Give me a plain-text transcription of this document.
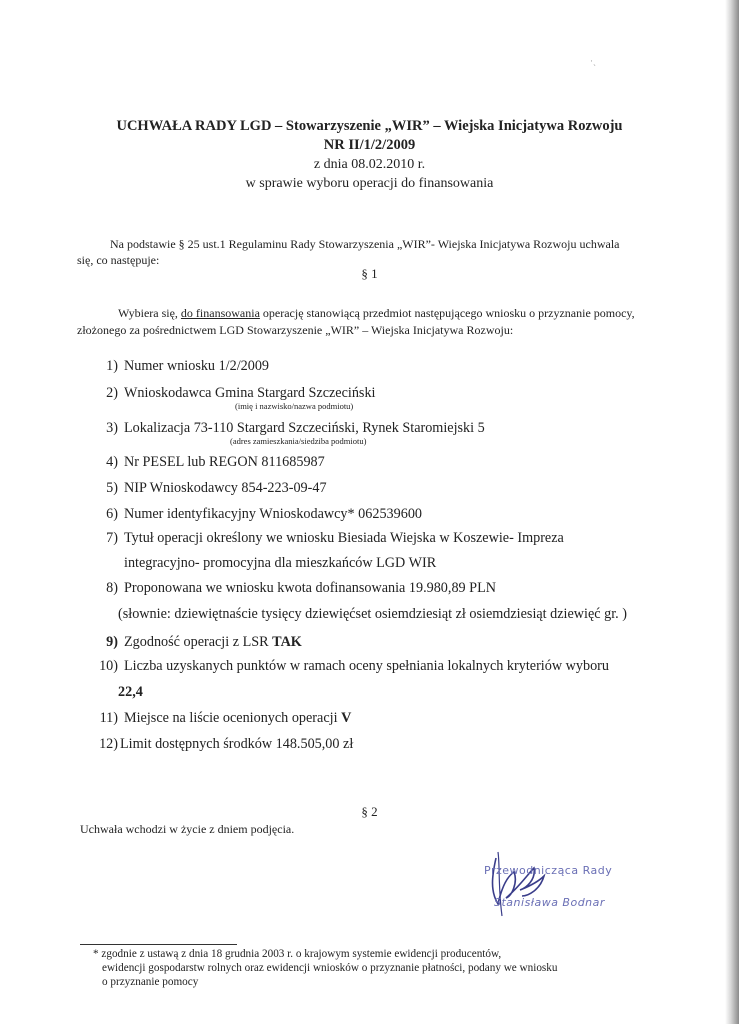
·ˏ
UCHWAŁA RADY LGD – Stowarzyszenie „WIR” – Wiejska Inicjatywa Rozwoju
NR II/1/2/2009
z dnia 08.02.2010 r.
w sprawie wyboru operacji do finansowania
Na podstawie § 25 ust.1 Regulaminu Rady Stowarzyszenia „WIR”- Wiejska Inicjatywa Rozwoju uchwala
się, co następuje:
§ 1
Wybiera się, do finansowania operację stanowiącą przedmiot następującego wniosku o przyznanie pomocy,
złożonego za pośrednictwem LGD Stowarzyszenie „WIR” – Wiejska Inicjatywa Rozwoju:
1) Numer wniosku 1/2/2009
2) Wnioskodawca Gmina Stargard Szczeciński
(imię i nazwisko/nazwa podmiotu)
3) Lokalizacja 73-110 Stargard Szczeciński, Rynek Staromiejski 5
(adres zamieszkania/siedziba podmiotu)
4) Nr PESEL lub REGON 811685987
5) NIP Wnioskodawcy 854-223-09-47
6) Numer identyfikacyjny Wnioskodawcy* 062539600
7) Tytuł operacji określony we wniosku Biesiada Wiejska w Koszewie- Impreza
integracyjno- promocyjna dla mieszkańców LGD WIR
8) Proponowana we wniosku kwota dofinansowania 19.980,89 PLN
(słownie: dziewiętnaście tysięcy dziewięćset osiemdziesiąt zł osiemdziesiąt dziewięć gr. )
9) Zgodność operacji z LSR TAK
10) Liczba uzyskanych punktów w ramach oceny spełniania lokalnych kryteriów wyboru
22,4
11) Miejsce na liście ocenionych operacji V
12) Limit dostępnych środków 148.505,00 zł
§ 2
Uchwała wchodzi w życie z dniem podjęcia.
Przewodnicząca Rady
Stanisława Bodnar
* zgodnie z ustawą z dnia 18 grudnia 2003 r. o krajowym systemie ewidencji producentów,
ewidencji gospodarstw rolnych oraz ewidencji wniosków o przyznanie płatności, podany we wniosku
o przyznanie pomocy
